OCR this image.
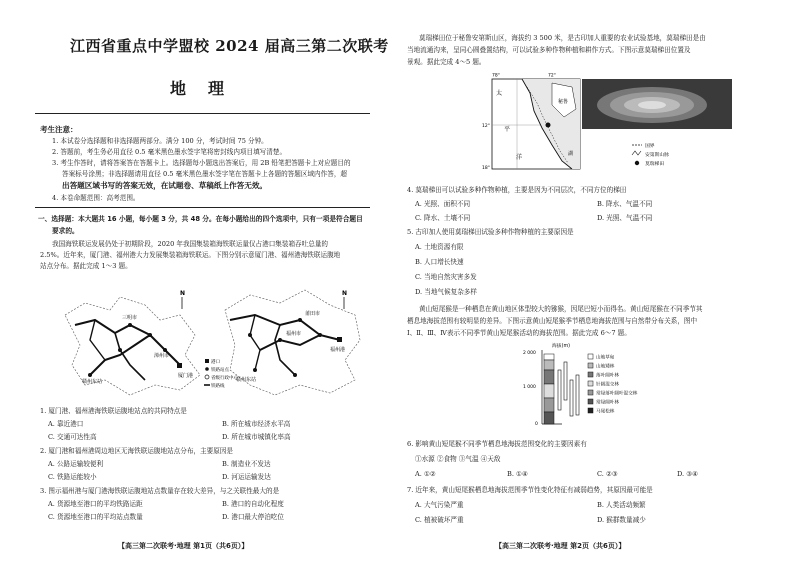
江西省重点中学盟校 2024 届高三第二次联考
地理
考生注意：
1. 本试卷分选择题和非选择题两部分。满分 100 分，考试时间 75 分钟。
2. 答题前，考生务必用直径 0.5 毫米黑色墨水签字笔将密封线内项目填写清楚。
3. 考生作答时，请将答案答在答题卡上。选择题每小题选出答案后，用 2B 铅笔把答题卡上对应题目的
答案标号涂黑；非选择题请用直径 0.5 毫米黑色墨水签字笔在答题卡上各题的答题区域内作答，超
出答题区域书写的答案无效，在试题卷、草稿纸上作答无效。
4. 本卷命题范围：高考范围。
一、选择题：本大题共 16 小题，每小题 3 分，共 48 分。在每小题给出的四个选项中，只有一项是符合题目
要求的。
我国海铁联运发展仍处于初期阶段，2020 年我国集装箱海铁联运量仅占港口集装箱吞吐总量的
2.5%。近年来，厦门港、福州港大力发展集装箱海铁联运。下图分别示意厦门港、福州港海铁联运腹地
站点分布。据此完成 1～3 题。
三明市
漳州市
厦门港
赣州东站
N
莆田市
福州港
福州市
赣州东站
N
港口
铁路站点
省级行政中心
铁路线
1. 厦门港、福州港海铁联运腹地站点的共同特点是
A. 靠近港口	B. 所在城市经济水平高
C. 交通可达性高	D. 所在城市城镇化率高
2. 厦门港和福州港周边地区无海铁联运腹地站点分布，主要原因是
A. 公路运输较便利	B. 制造业不发达
C. 铁路运能较小	D. 河运运输发达
3. 图示福州港与厦门港海铁联运腹地站点数量存在较大差异，与之关联性最大的是
A. 货源地至港口的平均铁路运距	B. 港口的自动化程度
C. 货源地至港口的平均站点数量	D. 港口最大停泊吃位
【高三第二次联考·地理 第1页（共6页）】
莫瑞梯田位于秘鲁安第斯山区，海拔约 3 500 米，是古印加人重要的农业试验基地，莫瑞梯田是由
当地流通沟来，呈同心圆叠置结构，可以试验多种作物种植和耕作方式。下图示意莫瑞梯田位置及
景观。据此完成 4～5 题。
78°	72°
12°
18°
太
平
洋
秘鲁
湖
国界
安第斯山脉
莫瑞梯田
4. 莫瑞梯田可以试验多种作物种植，主要是因为不同层次，不同方位的梯田
A. 光照、面积不同	B. 降水、气温不同
C. 降水、土壤不同	D. 光照、气温不同
5. 古印加人使用莫瑞梯田试验多种作物种植的主要原因是
A. 土地资源有限
B. 人口增长快速
C. 当地自然灾害多发
D. 当地气候复杂多样
黄山短尾猴是一种栖息在黄山地区体型较大的猕猴，因尾巴短小而得名。黄山短尾猴在不同季节其
栖息地海拔范围有较明显的差异。下图示意黄山短尾猴季节栖息地海拔范围与自然带分布关系，图中
Ⅰ、Ⅱ、Ⅲ、Ⅳ表示不同季节黄山短尾猴活动的海拔范围。据此完成 6～7 题。
海拔(m)
2 000
1 000
0
山地草甸
山地矮林
落叶阔叶林
针阔混交林
常绿落叶阔叶混交林
常绿阔叶林
马尾松林
6. 影响黄山短尾猴不同季节栖息地海拔范围变化的主要因素有
①水源 ②食物 ③气温 ④天敌
A. ①②	B. ①④	C. ②③	D. ③④
7. 近年来，黄山短尾猴栖息地海拔范围季节性变化特征有减弱趋势，其原因最可能是
A. 大气污染严重	B. 人类活动频繁
C. 植被破坏严重	D. 猴群数量减少
【高三第二次联考·地理 第2页（共6页）】
